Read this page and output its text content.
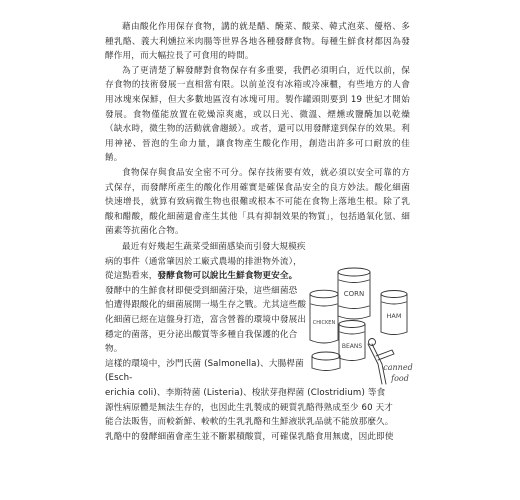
藉由酸化作用保存食物，講的就是醋、醃菜、酸菜、韓式泡菜、優格、多種乳酪、義大利燻拉米肉腸等世界各地各種發酵食物。每種生鮮食材都因為發酵作用，而大幅拉長了可食用的時間。

為了更清楚了解發酵對食物保存有多重要，我們必須明白，近代以前，保存食物的技術發展一直相當有限。以前並沒有冰箱或冷凍櫃，有些地方的人會用冰塊來保鮮，但大多數地區沒有冰塊可用。製作罐頭則要到 19 世紀才開始發展。食物僅能放置在乾燥涼爽處，或以日光、微溫、煙燻或鹽醃加以乾燥（缺水時，微生物的活動就會趨緩）。或者，還可以用發酵達到保存的效果。利用神祕、晉泡的生命力量，讓食物產生酸化作用，創造出許多可口耐放的佳餚。

食物保存與食品安全密不可分。保存技術要有效，就必須以安全可靠的方式保存，而發酵所產生的酸化作用確實是確保食品安全的良方妙法。酸化細菌快速增長，就算有致病微生物也很難或根本不可能在食物上落地生根。除了乳酸和醋酸，酸化細菌還會產生其他「具有抑制效果的物質」，包括過氧化氫、細菌素等抗菌化合物。

最近有好幾起生蔬菜受細菌感染而引發大規模疾
病的事件（通常肇因於工廠式農場的排泄物外流），
從這點看來，發酵食物可以說比生鮮食物更安全。
發酵中的生鮮食材即便受到細菌汙染，這些細菌恐
怕遭得跟酸化的細菌展開一場生存之戰。尤其這些酸
化細菌已經在這盤身打造，富含營養的環境中發展出
穩定的菌落，更分泌出酸質等多種自我保護的化合物。
這樣的環境中，沙門氏菌 (Salmonella)、大腸桿菌 (Esch-
erichia coli)、李斯特菌 (Listeria)、梭狀芽孢桿菌 (Clostridium) 等食
源性病原體是無法生存的，也因此生乳製成的硬質乳酪得熟成至少 60 天才
能合法販售，而較新鮮、較軟的生乳乳酪和生鮮液狀乳品就不能放那麼久。
乳酪中的發酵細菌會產生並不斷累積酸質，可確保乳酪食用無虞，因此即使
CORN
HAM
CHICKEN
BEANS
canned
food
